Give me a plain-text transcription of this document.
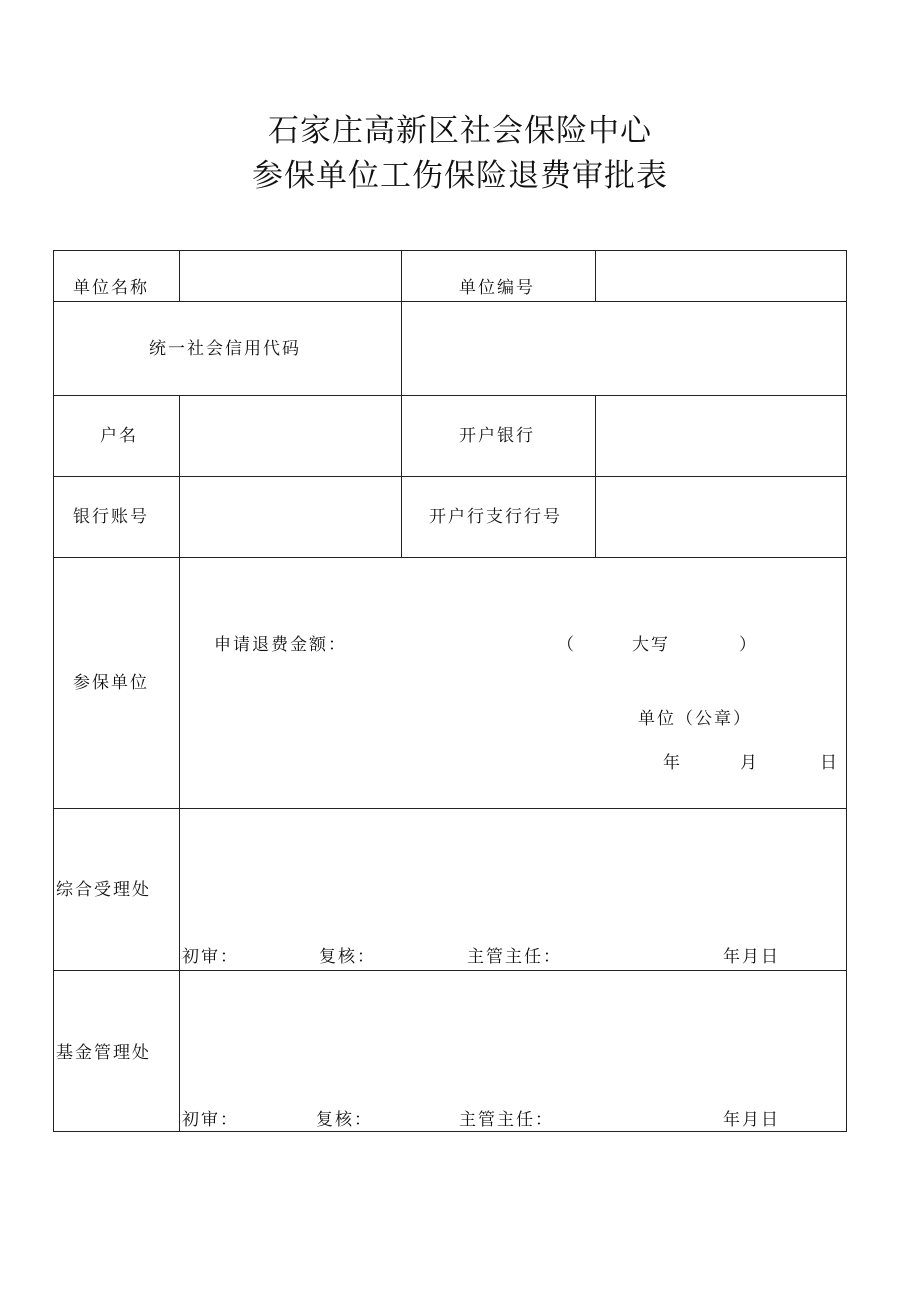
石家庄高新区社会保险中心
参保单位工伤保险退费审批表
单位名称	单位编号
统一社会信用代码
户名	开户银行
银行账号	开户行支行行号
参保单位
申请退费金额：	（	大写	）
单位（公章）
年	月	日
综合受理处
初审：	复核：	主管主任：	年月日
基金管理处
初审：	复核：	主管主任：	年月日
